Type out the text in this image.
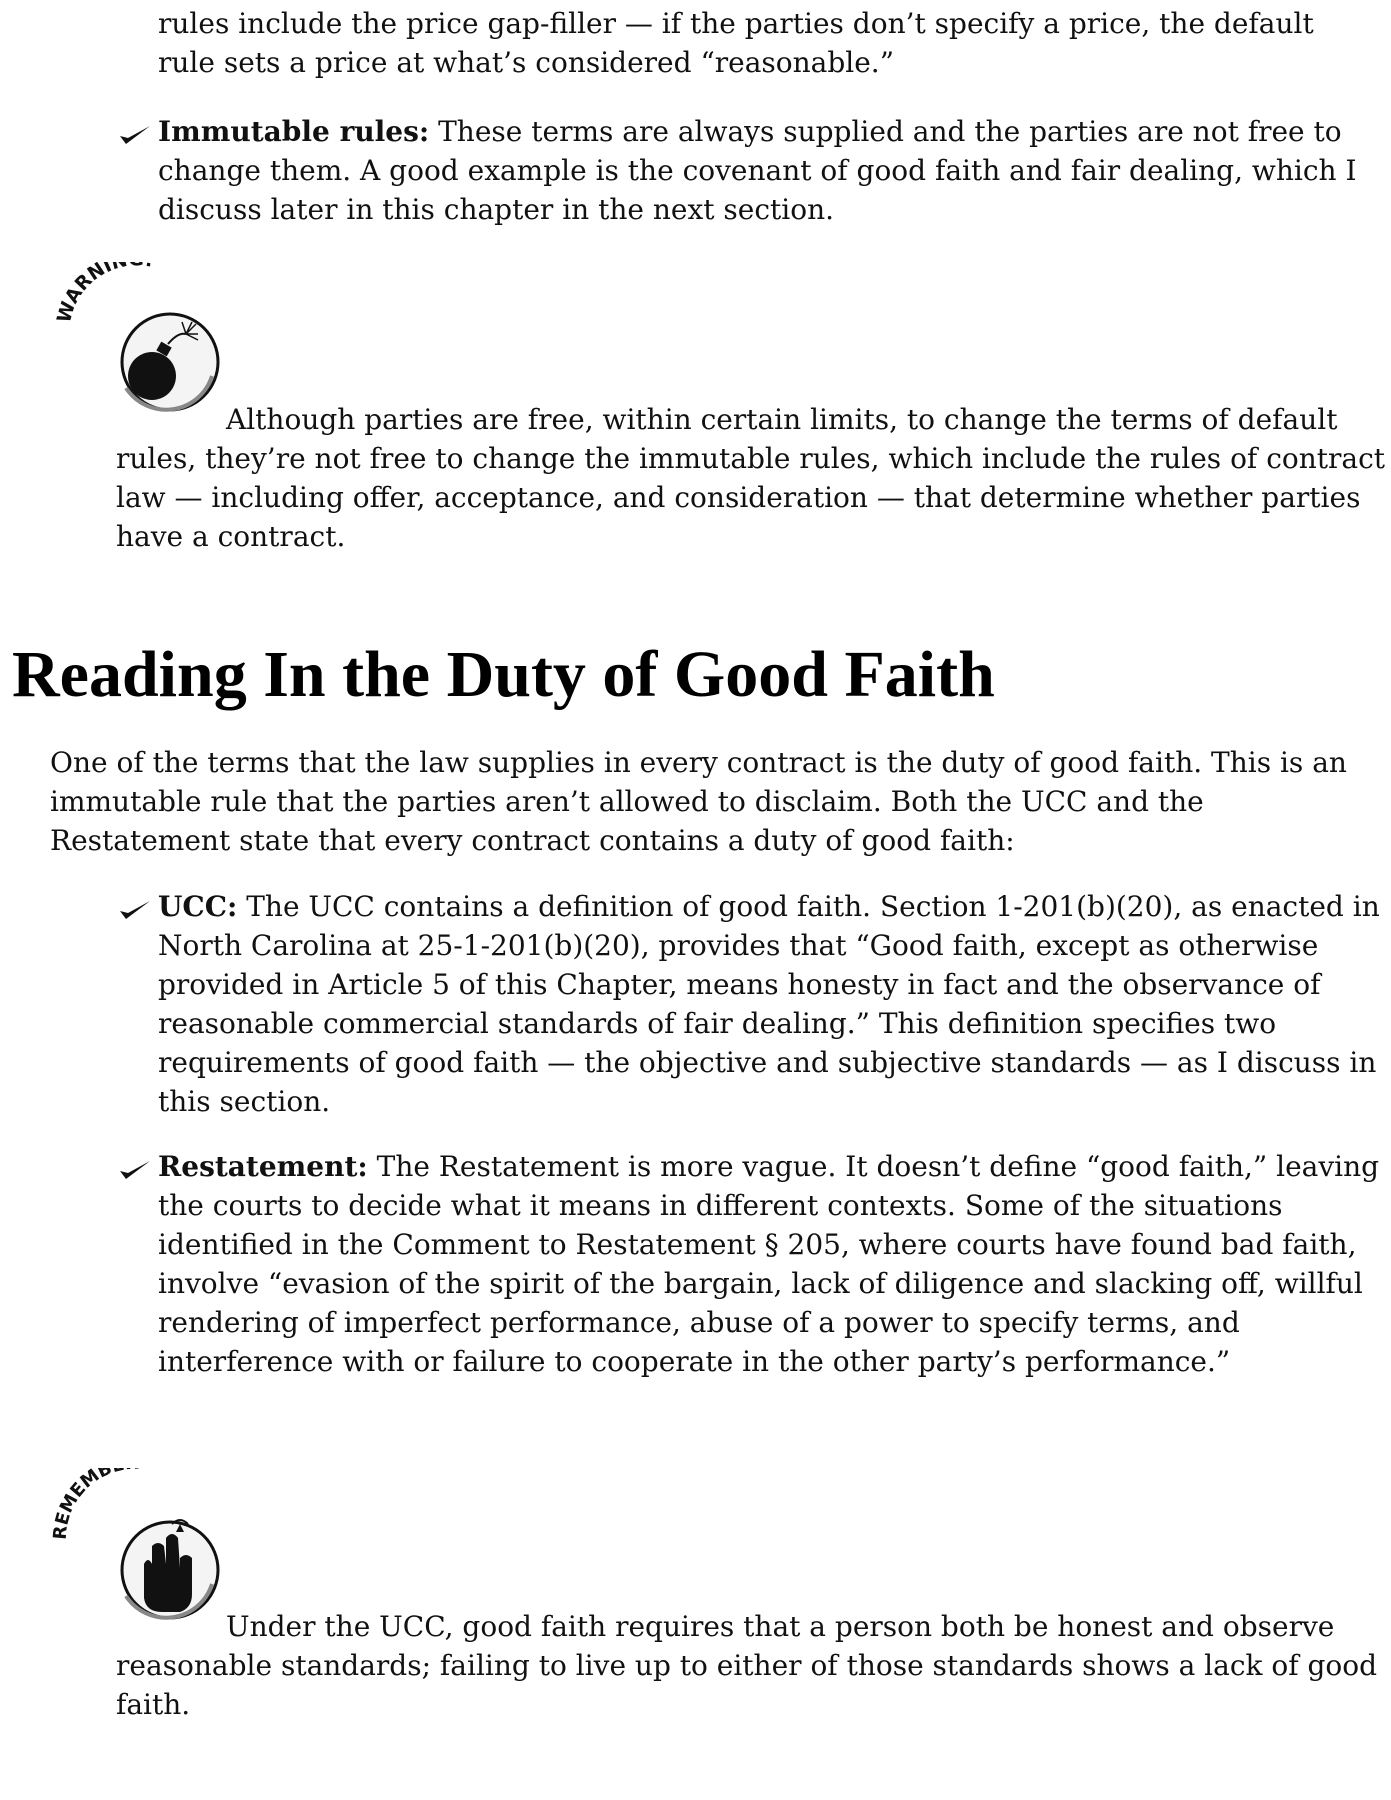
rules include the price gap-filler — if the parties don’t specify a price, the default rule sets a price at what’s considered “reasonable.”

Immutable rules: These terms are always supplied and the parties are not free to change them. A good example is the covenant of good faith and fair dealing, which I discuss later in this chapter in the next section.

WARNI

Although parties are free, within certain limits, to change the terms of default rules, they’re not free to change the immutable rules, which include the rules of contract law — including offer, acceptance, and consideration — that determine whether parties have a contract.

Reading In the Duty of Good Faith

One of the terms that the law supplies in every contract is the duty of good faith. This is an immutable rule that the parties aren’t allowed to disclaim. Both the UCC and the Restatement state that every contract contains a duty of good faith:

UCC: The UCC contains a definition of good faith. Section 1-201(b)(20), as enacted in North Carolina at 25-1-201(b)(20), provides that “Good faith, except as otherwise provided in Article 5 of this Chapter, means honesty in fact and the observance of reasonable commercial standards of fair dealing.” This definition specifies two requirements of good faith — the objective and subjective standards — as I discuss in this section.

Restatement: The Restatement is more vague. It doesn’t define “good faith,” leaving the courts to decide what it means in different contexts. Some of the situations identified in the Comment to Restatement § 205, where courts have found bad faith, involve “evasion of the spirit of the bargain, lack of diligence and slacking off, willful rendering of imperfect performance, abuse of a power to specify terms, and interference with or failure to cooperate in the other party’s performance.”

EMEMB

Under the UCC, good faith requires that a person both be honest and observe reasonable standards; failing to live up to either of those standards shows a lack of good faith.
